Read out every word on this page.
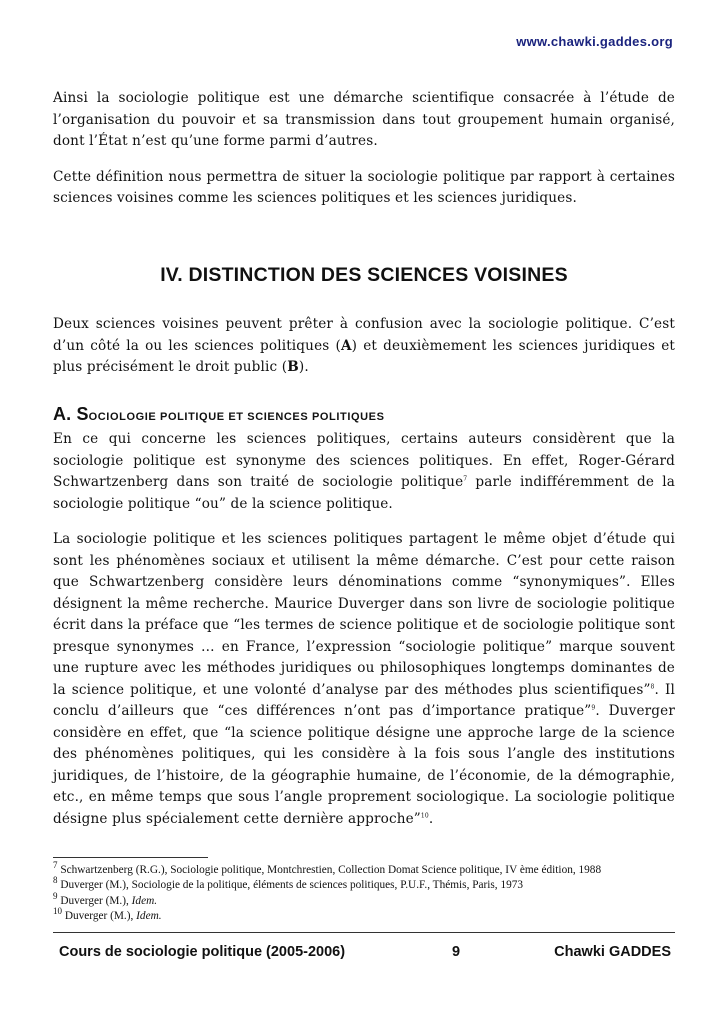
www.chawki.gaddes.org

Ainsi la sociologie politique est une démarche scientifique consacrée à l’étude de l’organisation du pouvoir et sa transmission dans tout groupement humain organisé, dont l’État n’est qu’une forme parmi d’autres.

Cette définition nous permettra de situer la sociologie politique par rapport à certaines sciences voisines comme les sciences politiques et les sciences juridiques.

IV. DISTINCTION DES SCIENCES VOISINES

Deux sciences voisines peuvent prêter à confusion avec la sociologie politique. C’est d’un côté la ou les sciences politiques (A) et deuxièmement les sciences juridiques et plus précisément le droit public (B).

A. SOCIOLOGIE POLITIQUE ET SCIENCES POLITIQUES

En ce qui concerne les sciences politiques, certains auteurs considèrent que la sociologie politique est synonyme des sciences politiques. En effet, Roger-Gérard Schwartzenberg dans son traité de sociologie politique$^7$ parle indifféremment de la sociologie politique “ou” de la science politique.

La sociologie politique et les sciences politiques partagent le même objet d’étude qui sont les phénomènes sociaux et utilisent la même démarche. C’est pour cette raison que Schwartzenberg considère leurs dénominations comme “synonymiques”. Elles désignent la même recherche. Maurice Duverger dans son livre de sociologie politique écrit dans la préface que “les termes de science politique et de sociologie politique sont presque synonymes … en France, l’expression “sociologie politique” marque souvent une rupture avec les méthodes juridiques ou philosophiques longtemps dominantes de la science politique, et une volonté d’analyse par des méthodes plus scientifiques”$^8$. Il conclu d’ailleurs que “ces différences n’ont pas d’importance pratique”$^9$. Duverger considère en effet, que “la science politique désigne une approche large de la science des phénomènes politiques, qui les considère à la fois sous l’angle des institutions juridiques, de l’histoire, de la géographie humaine, de l’économie, de la démographie, etc., en même temps que sous l’angle proprement sociologique. La sociologie politique désigne plus spécialement cette dernière approche”$^{10}$.

$^7$ Schwartzenberg (R.G.), Sociologie politique, Montchrestien, Collection Domat Science politique, IV ème édition, 1988
$^8$ Duverger (M.), Sociologie de la politique, éléments de sciences politiques, P.U.F., Thémis, Paris, 1973
$^9$ Duverger (M.), Idem.
$^{10}$ Duverger (M.), Idem.
Cours de sociologie politique (2005-2006)	9	Chawki GADDES
